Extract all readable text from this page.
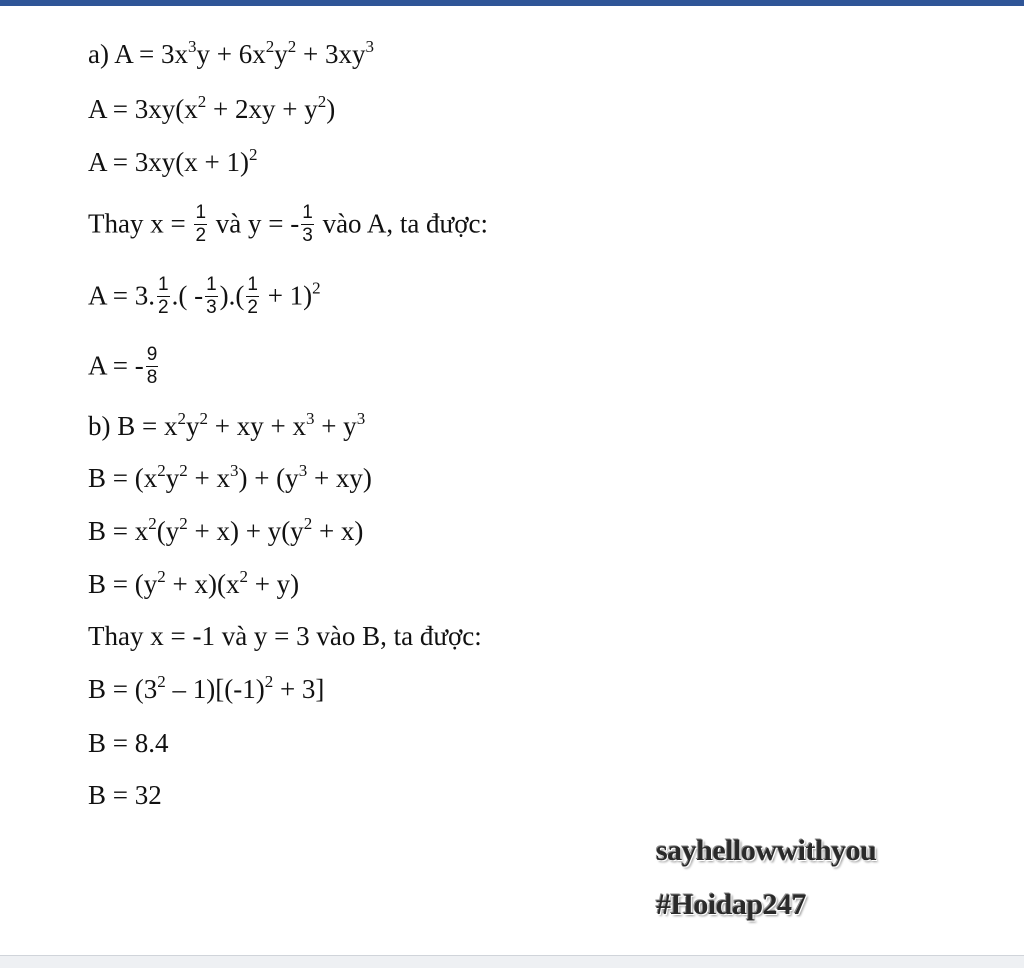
a) $A = 3x^3y + 6x^2y^2 + 3xy^3$
$A = 3xy(x^2 + 2xy + y^2)$
$A = 3xy(x + 1)^2$
Thay $x = \frac{1}{2}$ và y = - $\frac{1}{3}$ vào A, ta được:
A = 3. $\frac{1}{2}$ .( - $\frac{1}{3}$ ).( $\frac{1}{2} + 1)^2$
A = - $\frac{9}{8}$
b) $B = x^2y^2$ + xy + $x^3 + y^3$
$B = (x^2y^2 + x^3) + (y^3 + xy)$
$B = x^2(y^2 + x) + y(y^2 + x)$
$B = (y^2 + x)(x^2 + y)$
Thay x = -1 và y = 3 vào B, ta được:
$B = (3^2 - 1)[(-1)^2 + 3]$
B = 8.4
B = 32
sayhellowwithyou
#Hoidap247
